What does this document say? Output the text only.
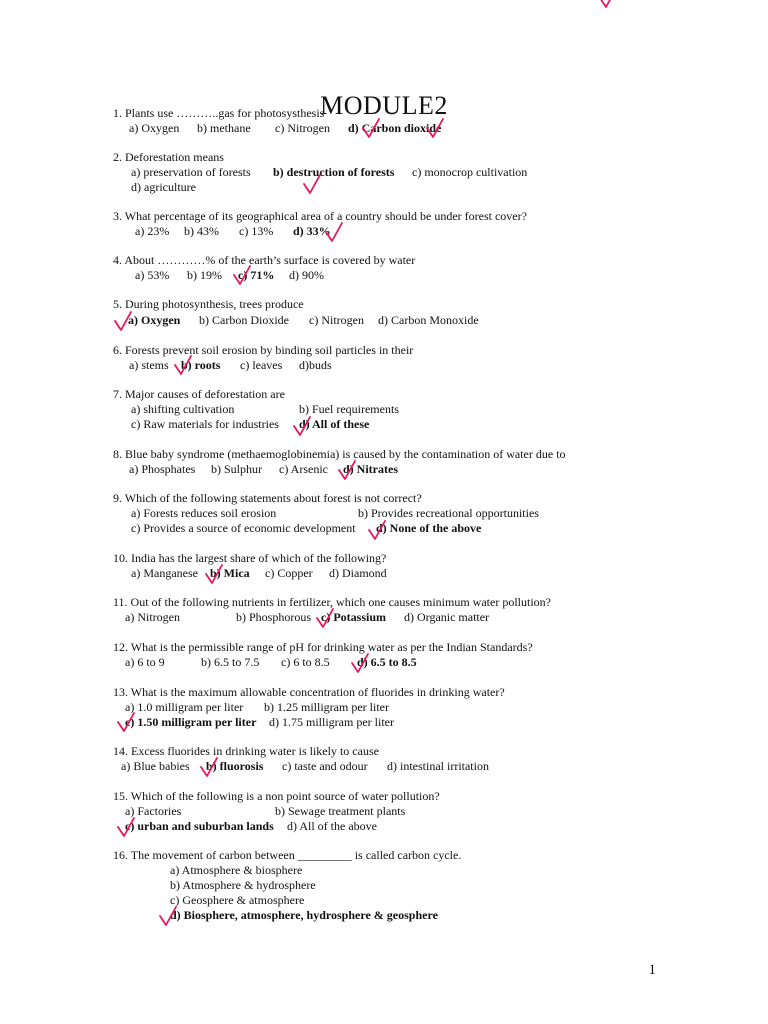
MODULE2
1. Plants use ………..gas for photosysthesis
a) Oxygen b) methane c) Nitrogen d) Carbon dioxide
2. Deforestation means
a) preservation of forests b) destruction of forests c) monocrop cultivation
d) agriculture
3. What percentage of its geographical area of a country should be under forest cover?
a) 23% b) 43% c) 13% d) 33%
4. About …………% of the earth’s surface is covered by water
a) 53% b) 19% c) 71% d) 90%
5. During photosynthesis, trees produce
a) Oxygen b) Carbon Dioxide c) Nitrogen d) Carbon Monoxide
6. Forests prevent soil erosion by binding soil particles in their
a) stems b) roots c) leaves d)buds
7. Major causes of deforestation are
a) shifting cultivation	b) Fuel requirements
c) Raw materials for industries d) All of these
8. Blue baby syndrome (methaemoglobinemia) is caused by the contamination of water due to
a) Phosphates b) Sulphur c) Arsenic d) Nitrates
9. Which of the following statements about forest is not correct?
a) Forests reduces soil erosion	b) Provides recreational opportunities
c) Provides a source of economic development d) None of the above
10. India has the largest share of which of the following?
a) Manganese b) Mica c) Copper d) Diamond
11. Out of the following nutrients in fertilizer, which one causes minimum water pollution?
a) Nitrogen	b) Phosphorous c) Potassium d) Organic matter
12. What is the permissible range of pH for drinking water as per the Indian Standards?
a) 6 to 9	b) 6.5 to 7.5 c) 6 to 8.5 d) 6.5 to 8.5
13. What is the maximum allowable concentration of fluorides in drinking water?
a) 1.0 milligram per liter b) 1.25 milligram per liter
c) 1.50 milligram per liter d) 1.75 milligram per liter
14. Excess fluorides in drinking water is likely to cause
a) Blue babies b) fluorosis c) taste and odour d) intestinal irritation
15. Which of the following is a non point source of water pollution?
a) Factories	b) Sewage treatment plants
c) urban and suburban lands d) All of the above
16. The movement of carbon between _________ is called carbon cycle.
a) Atmosphere & biosphere
b) Atmosphere & hydrosphere
c) Geosphere & atmosphere
d) Biosphere, atmosphere, hydrosphere & geosphere
1
